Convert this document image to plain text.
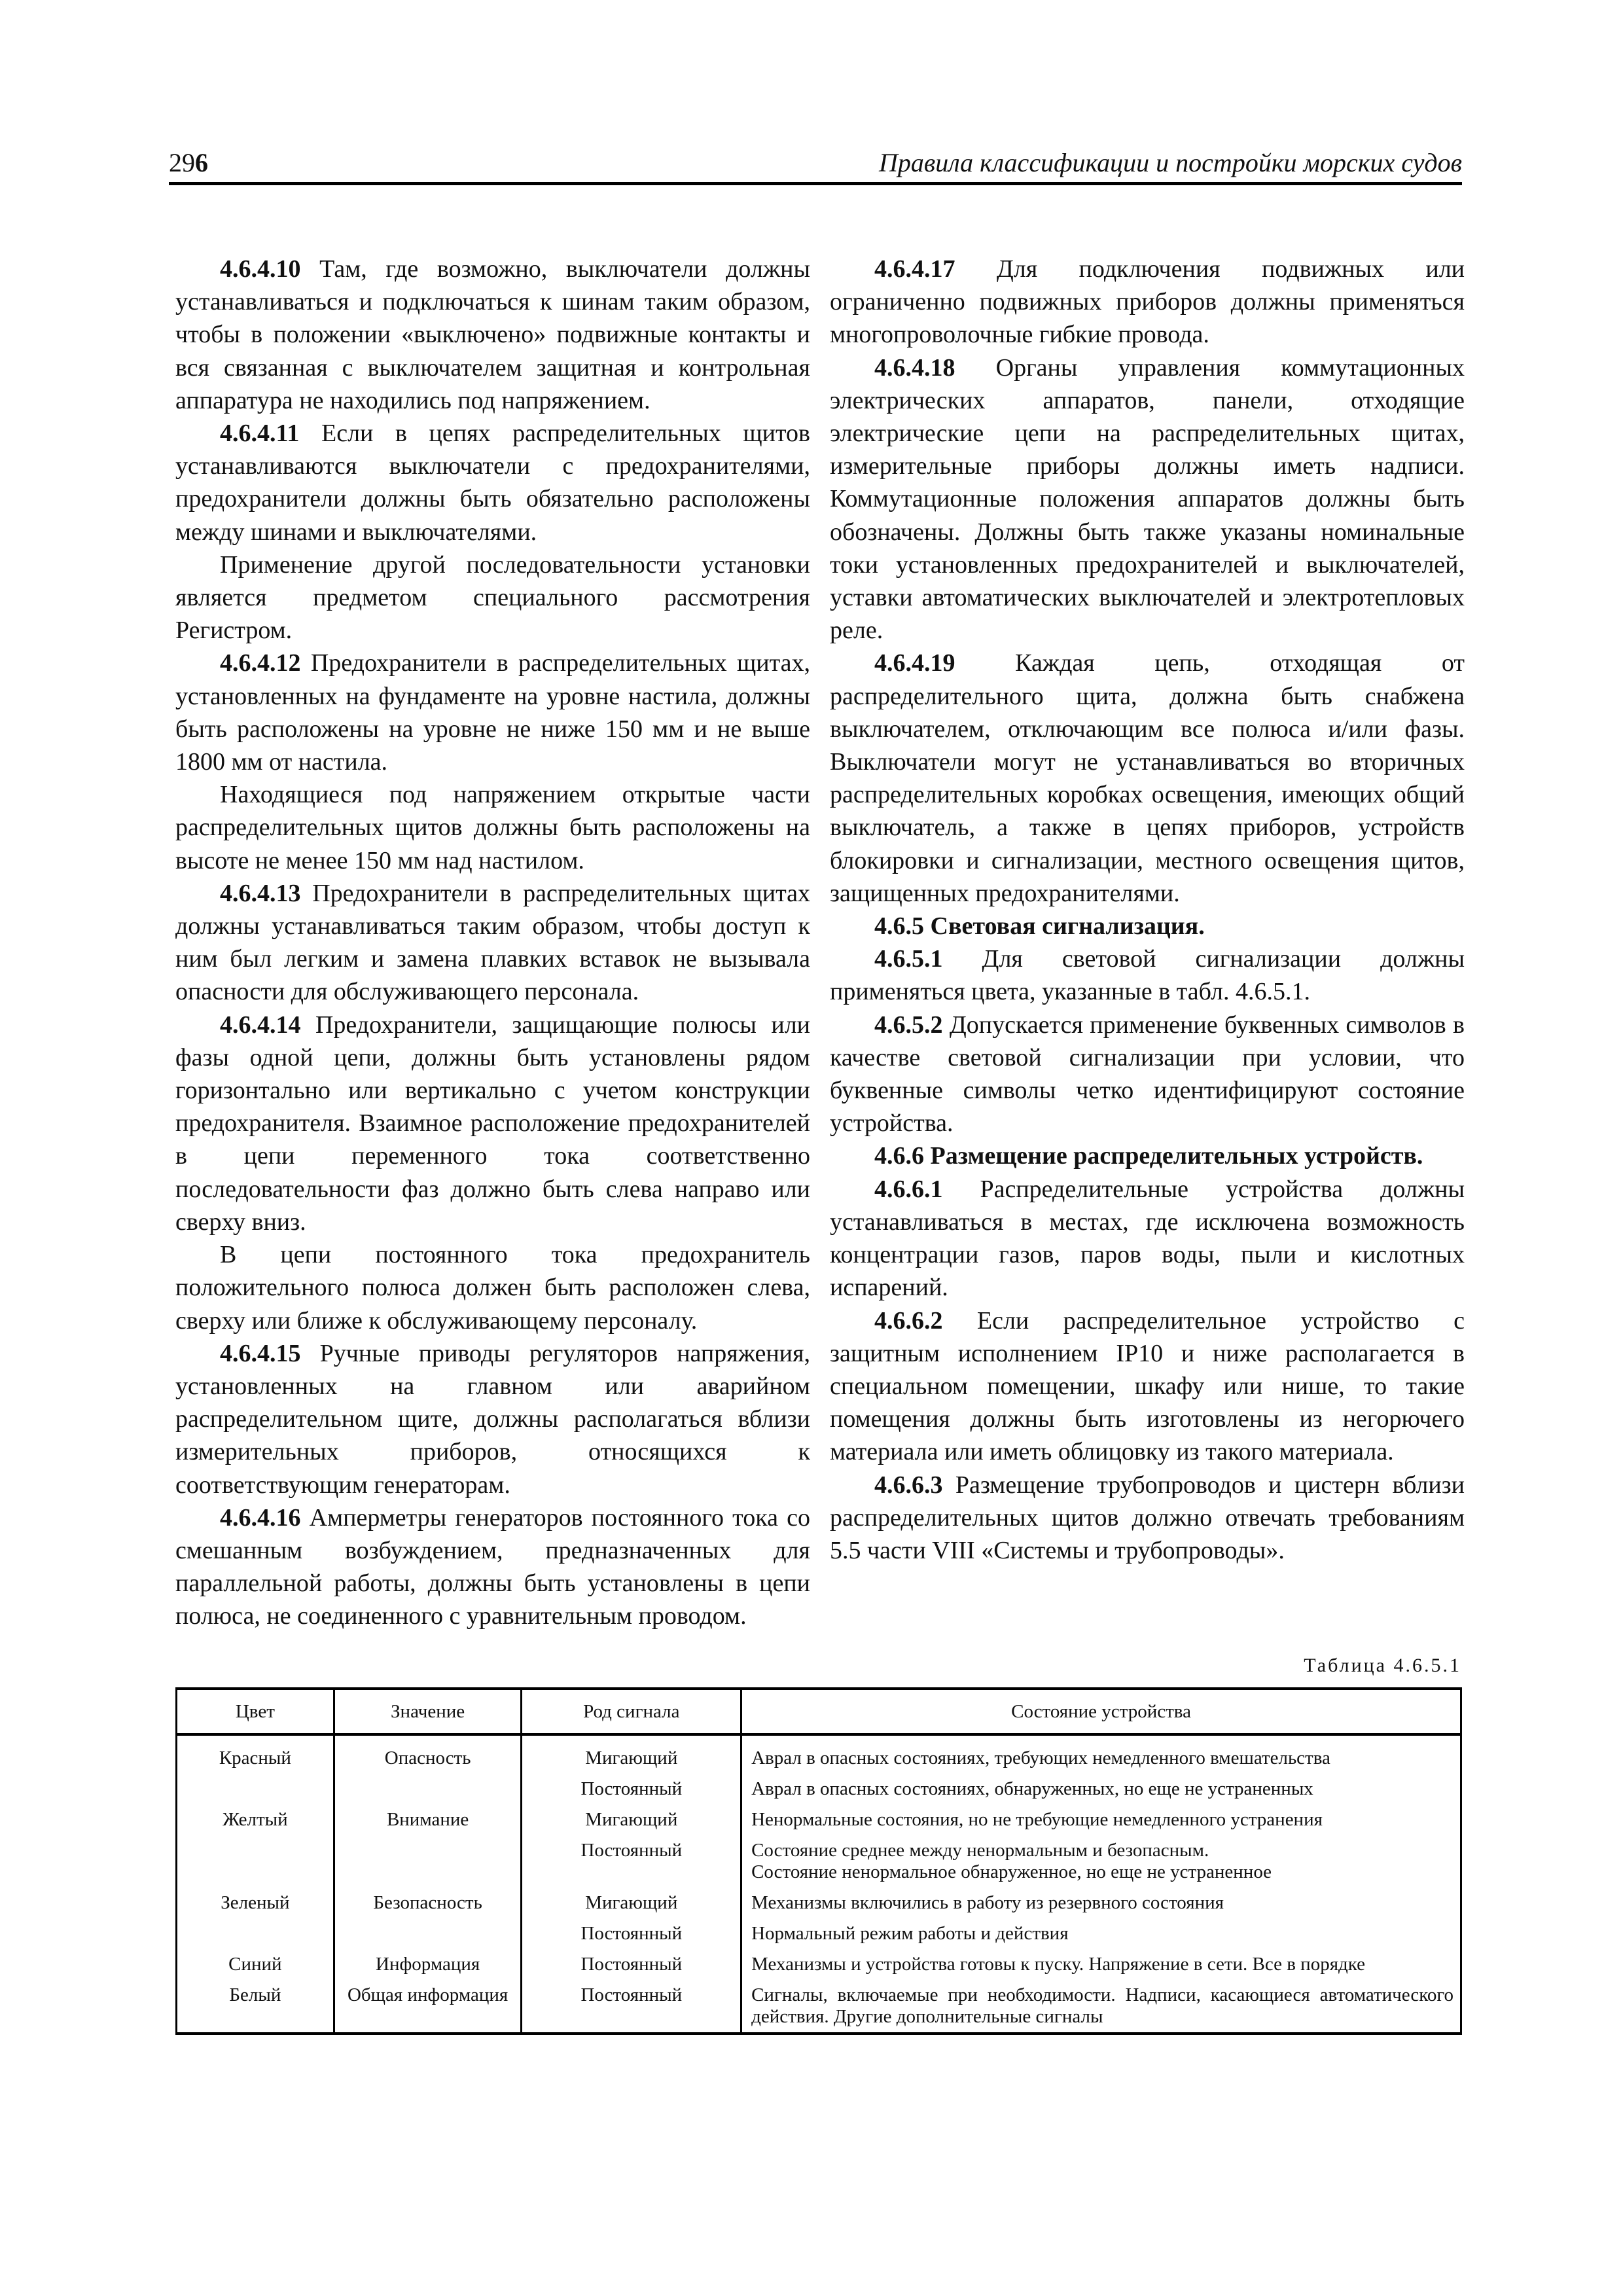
296	Правила классификации и постройки морских судов

4.6.4.10 Там, где возможно, выключатели должны устанавливаться и подключаться к шинам таким образом, чтобы в положении «выключено» подвижные контакты и вся связанная с выключателем защитная и контрольная аппаратура не находились под напряжением.

4.6.4.11 Если в цепях распределительных щитов устанавливаются выключатели с предохранителями, предохранители должны быть обязательно расположены между шинами и выключателями.

Применение другой последовательности установки является предметом специального рассмотрения Регистром.

4.6.4.12 Предохранители в распределительных щитах, установленных на фундаменте на уровне настила, должны быть расположены на уровне не ниже 150 мм и не выше 1800 мм от настила.

Находящиеся под напряжением открытые части распределительных щитов должны быть расположены на высоте не менее 150 мм над настилом.

4.6.4.13 Предохранители в распределительных щитах должны устанавливаться таким образом, чтобы доступ к ним был легким и замена плавких вставок не вызывала опасности для обслуживающего персонала.

4.6.4.14 Предохранители, защищающие полюсы или фазы одной цепи, должны быть установлены рядом горизонтально или вертикально с учетом конструкции предохранителя. Взаимное расположение предохранителей в цепи переменного тока соответственно последовательности фаз должно быть слева направо или сверху вниз.

В цепи постоянного тока предохранитель положительного полюса должен быть расположен слева, сверху или ближе к обслуживающему персоналу.

4.6.4.15 Ручные приводы регуляторов напряжения, установленных на главном или аварийном распределительном щите, должны располагаться вблизи измерительных приборов, относящихся к соответствующим генераторам.

4.6.4.16 Амперметры генераторов постоянного тока со смешанным возбуждением, предназначенных для параллельной работы, должны быть установлены в цепи полюса, не соединенного с уравнительным проводом.

4.6.4.17 Для подключения подвижных или ограниченно подвижных приборов должны применяться многопроволочные гибкие провода.

4.6.4.18 Органы управления коммутационных электрических аппаратов, панели, отходящие электрические цепи на распределительных щитах, измерительные приборы должны иметь надписи. Коммутационные положения аппаратов должны быть обозначены. Должны быть также указаны номинальные токи установленных предохранителей и выключателей, уставки автоматических выключателей и электротепловых реле.

4.6.4.19 Каждая цепь, отходящая от распределительного щита, должна быть снабжена выключателем, отключающим все полюса и/или фазы. Выключатели могут не устанавливаться во вторичных распределительных коробках освещения, имеющих общий выключатель, а также в цепях приборов, устройств блокировки и сигнализации, местного освещения щитов, защищенных предохранителями.

4.6.5 Световая сигнализация.

4.6.5.1 Для световой сигнализации должны применяться цвета, указанные в табл. 4.6.5.1.

4.6.5.2 Допускается применение буквенных символов в качестве световой сигнализации при условии, что буквенные символы четко идентифицируют состояние устройства.

4.6.6 Размещение распределительных устройств.

4.6.6.1 Распределительные устройства должны устанавливаться в местах, где исключена возможность концентрации газов, паров воды, пыли и кислотных испарений.

4.6.6.2 Если распределительное устройство с защитным исполнением IP10 и ниже располагается в специальном помещении, шкафу или нише, то такие помещения должны быть изготовлены из негорючего материала или иметь облицовку из такого материала.

4.6.6.3 Размещение трубопроводов и цистерн вблизи распределительных щитов должно отвечать требованиям 5.5 части VIII «Системы и трубопроводы».

Таблица 4.6.5.1
Цвет	Значение	Род сигнала	Состояние устройства
Красный	Опасность	Мигающий	Аврал в опасных состояниях, требующих немедленного вмешательства
		Постоянный	Аврал в опасных состояниях, обнаруженных, но еще не устраненных
Желтый	Внимание	Мигающий	Ненормальные состояния, но не требующие немедленного устранения
		Постоянный	Состояние среднее между ненормальным и безопасным.
Состояние ненормальное обнаруженное, но еще не устраненное
Зеленый	Безопасность	Мигающий	Механизмы включились в работу из резервного состояния
		Постоянный	Нормальный режим работы и действия
Синий	Информация	Постоянный	Механизмы и устройства готовы к пуску. Напряжение в сети. Все в порядке
Белый	Общая информация	Постоянный	Сигналы, включаемые при необходимости. Надписи, касающиеся автоматического действия. Другие дополнительные сигналы
